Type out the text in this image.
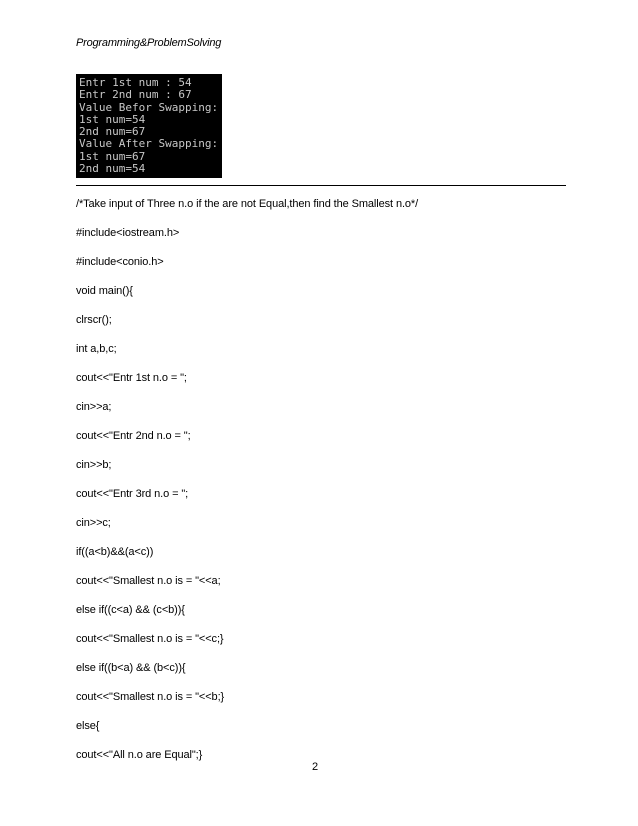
Programming&ProblemSolving
Entr 1st num : 54
Entr 2nd num : 67
Value Befor Swapping:
1st num=54
2nd num=67
Value After Swapping:
1st num=67
2nd num=54
/*Take input of Three n.o if the are not Equal,then find the Smallest n.o*/
#include<iostream.h>
#include<conio.h>
void main(){
clrscr();
int a,b,c;
cout<<"Entr 1st n.o = ";
cin>>a;
cout<<"Entr 2nd n.o = ";
cin>>b;
cout<<"Entr 3rd n.o = ";
cin>>c;
if((a<b)&&(a<c))
cout<<"Smallest n.o is = "<<a;
else if((c<a) && (c<b)){
cout<<"Smallest n.o is = "<<c;}
else if((b<a) && (b<c)){
cout<<"Smallest n.o is = "<<b;}
else{
cout<<"All n.o are Equal";}
2
